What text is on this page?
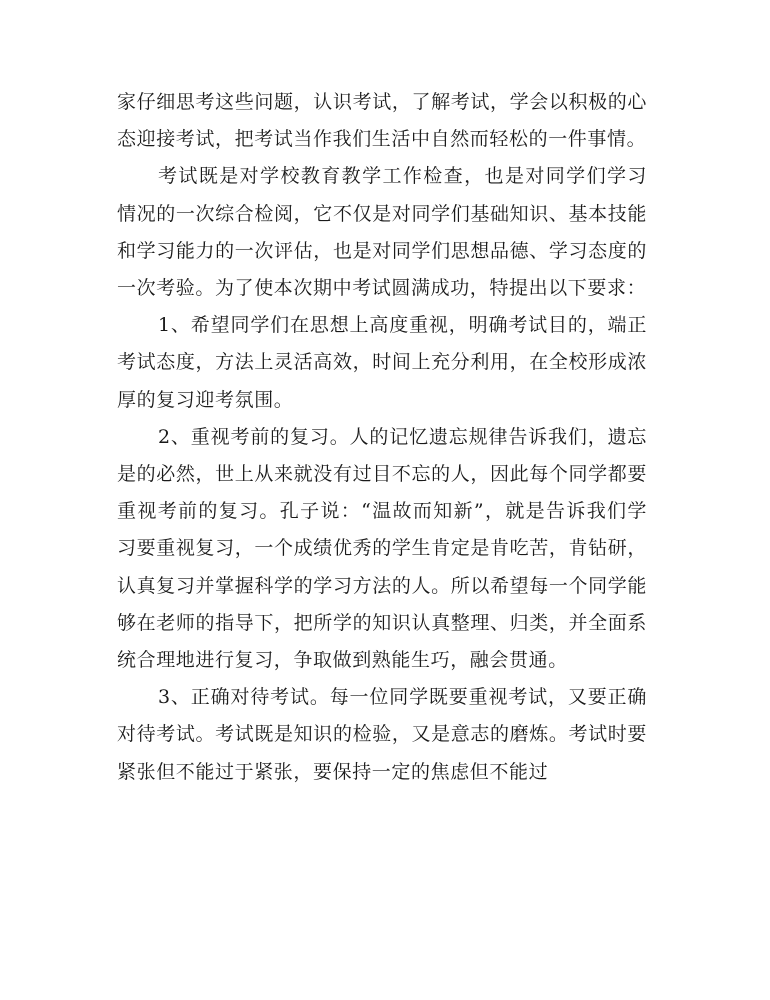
家仔细思考这些问题，认识考试，了解考试，学会以积极的心态迎接考试，把考试当作我们生活中自然而轻松的一件事情。

考试既是对学校教育教学工作检查，也是对同学们学习情况的一次综合检阅，它不仅是对同学们基础知识、基本技能和学习能力的一次评估，也是对同学们思想品德、学习态度的一次考验。为了使本次期中考试圆满成功，特提出以下要求：

1、希望同学们在思想上高度重视，明确考试目的，端正考试态度，方法上灵活高效，时间上充分利用，在全校形成浓厚的复习迎考氛围。

2、重视考前的复习。人的记忆遗忘规律告诉我们，遗忘是的必然，世上从来就没有过目不忘的人，因此每个同学都要重视考前的复习。孔子说：“温故而知新”，就是告诉我们学习要重视复习，一个成绩优秀的学生肯定是肯吃苦，肯钻研，认真复习并掌握科学的学习方法的人。所以希望每一个同学能够在老师的指导下，把所学的知识认真整理、归类，并全面系统合理地进行复习，争取做到熟能生巧，融会贯通。

3、正确对待考试。每一位同学既要重视考试，又要正确对待考试。考试既是知识的检验，又是意志的磨炼。考试时要紧张但不能过于紧张，要保持一定的焦虑但不能过
